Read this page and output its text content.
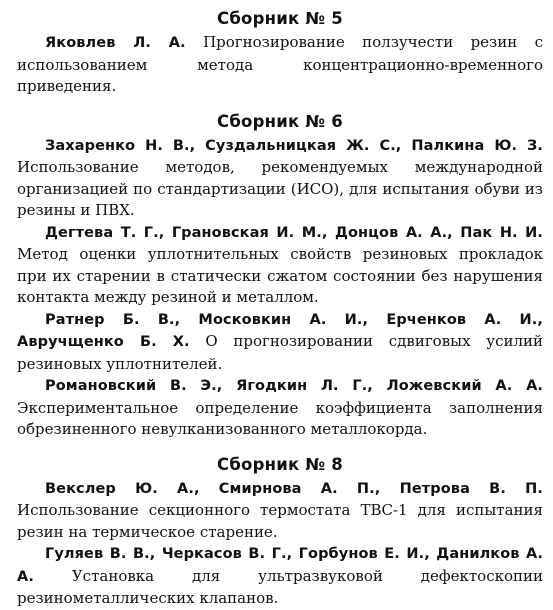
Сборник № 5

Яковлев Л. А. Прогнозирование ползучести резин с использованием метода концентрационно-временного приведения.

Сборник № 6

Захаренко Н. В., Суздальницкая Ж. С., Палкина Ю. З. Использование методов, рекомендуемых международной организацией по стандартизации (ИСО), для испытания обуви из резины и ПВХ.

Дегтева Т. Г., Грановская И. М., Донцов А. А., Пак Н. И. Метод оценки уплотнительных свойств резиновых прокладок при их старении в статически сжатом состоянии без нарушения контакта между резиной и металлом.

Ратнер Б. В., Московкин А. И., Ерченков А. И., Авручщенко Б. Х. О прогнозировании сдвиговых усилий резиновых уплотнителей.

Романовский В. Э., Ягодкин Л. Г., Ложевский А. А. Экспериментальное определение коэффициента заполнения обрезиненного невулканизованного металлокорда.

Сборник № 8

Векслер Ю. А., Смирнова А. П., Петрова В. П. Использование секционного термостата ТВС-1 для испытания резин на термическое старение.

Гуляев В. В., Черкасов В. Г., Горбунов Е. И., Данилков А. А.	Установка для ультразвуковой дефектоскопии резинометаллических клапанов.
